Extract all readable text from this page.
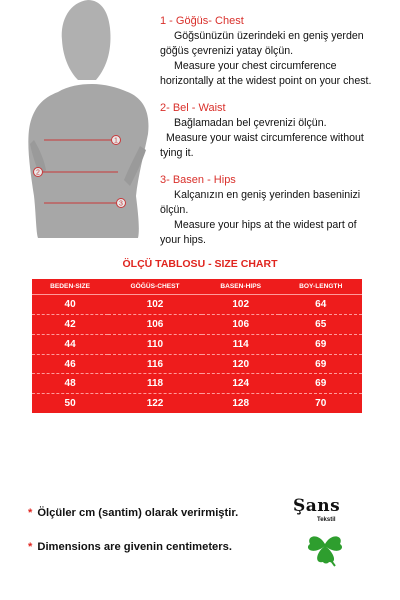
1
2
3
1 - Göğüs- Chest
Göğsünüzün üzerindeki en geniş yerden
göğüs çevrenizi yatay ölçün.
Measure your chest circumference
horizontally at the widest point on your chest.
2- Bel - Waist
Bağlamadan bel çevrenizi ölçün.
Measure your waist circumference without
tying it.
3- Basen - Hips
Kalçanızın en geniş yerinden baseninizi
ölçün.
Measure your hips at the widest part of
your hips.
ÖLÇÜ TABLOSU - SIZE CHART
BEDEN-SIZE	GÖĞÜS-CHEST	BASEN-HIPS	BOY-LENGTH
40	102	102	64
42	106	106	65
44	110	114	69
46	116	120	69
48	118	124	69
50	122	128	70
* Ölçüler cm (santim) olarak verirmiştir.
* Dimensions are givenin centimeters.
Şans
Tekstil
